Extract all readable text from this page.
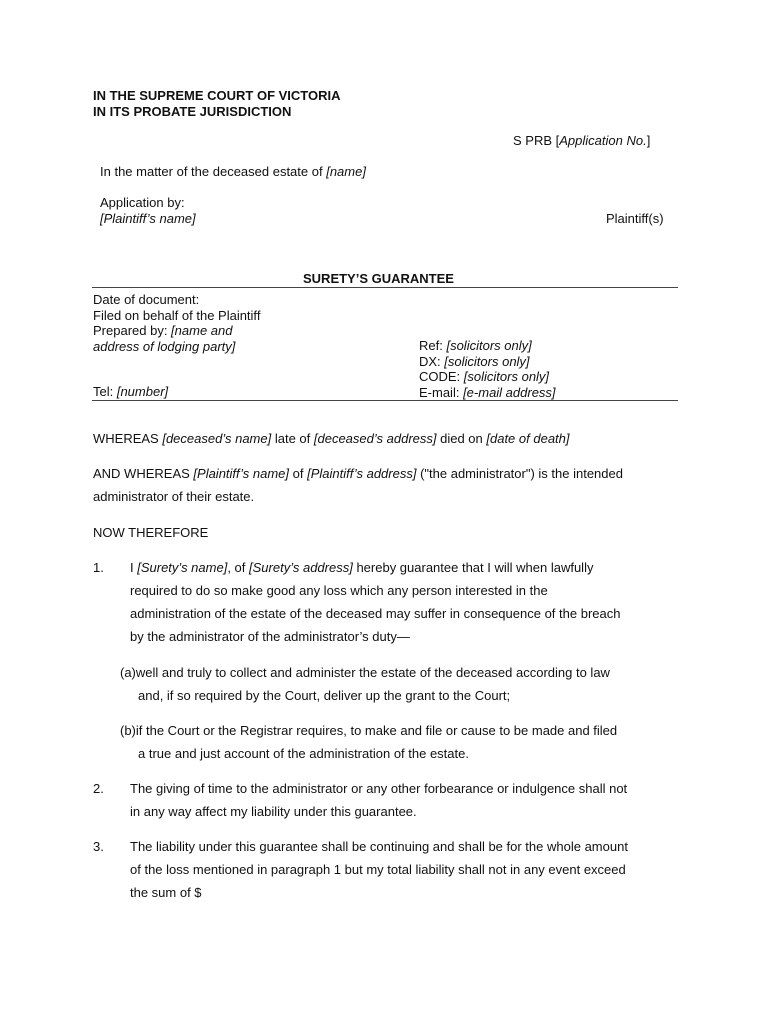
IN THE SUPREME COURT OF VICTORIA
IN ITS PROBATE JURISDICTION
S PRB [Application No.]
In the matter of the deceased estate of [name]
Application by:
[Plaintiff’s name]	Plaintiff(s)
SURETY’S GUARANTEE
Date of document:
Filed on behalf of the Plaintiff
Prepared by: [name and
address of lodging party]
Tel: [number]
Ref: [solicitors only]
DX: [solicitors only]
CODE: [solicitors only]
E-mail: [e-mail address]
WHEREAS [deceased’s name] late of [deceased’s address] died on [date of death]
AND WHEREAS [Plaintiff’s name] of [Plaintiff’s address] ("the administrator") is the intended
administrator of their estate.
NOW THEREFORE
1. I [Surety’s name], of [Surety’s address] hereby guarantee that I will when lawfully
required to do so make good any loss which any person interested in the
administration of the estate of the deceased may suffer in consequence of the breach
by the administrator of the administrator’s duty—
(a)well and truly to collect and administer the estate of the deceased according to law
and, if so required by the Court, deliver up the grant to the Court;
(b)if the Court or the Registrar requires, to make and file or cause to be made and filed
a true and just account of the administration of the estate.
2. The giving of time to the administrator or any other forbearance or indulgence shall not
in any way affect my liability under this guarantee.
3. The liability under this guarantee shall be continuing and shall be for the whole amount
of the loss mentioned in paragraph 1 but my total liability shall not in any event exceed
the sum of $
